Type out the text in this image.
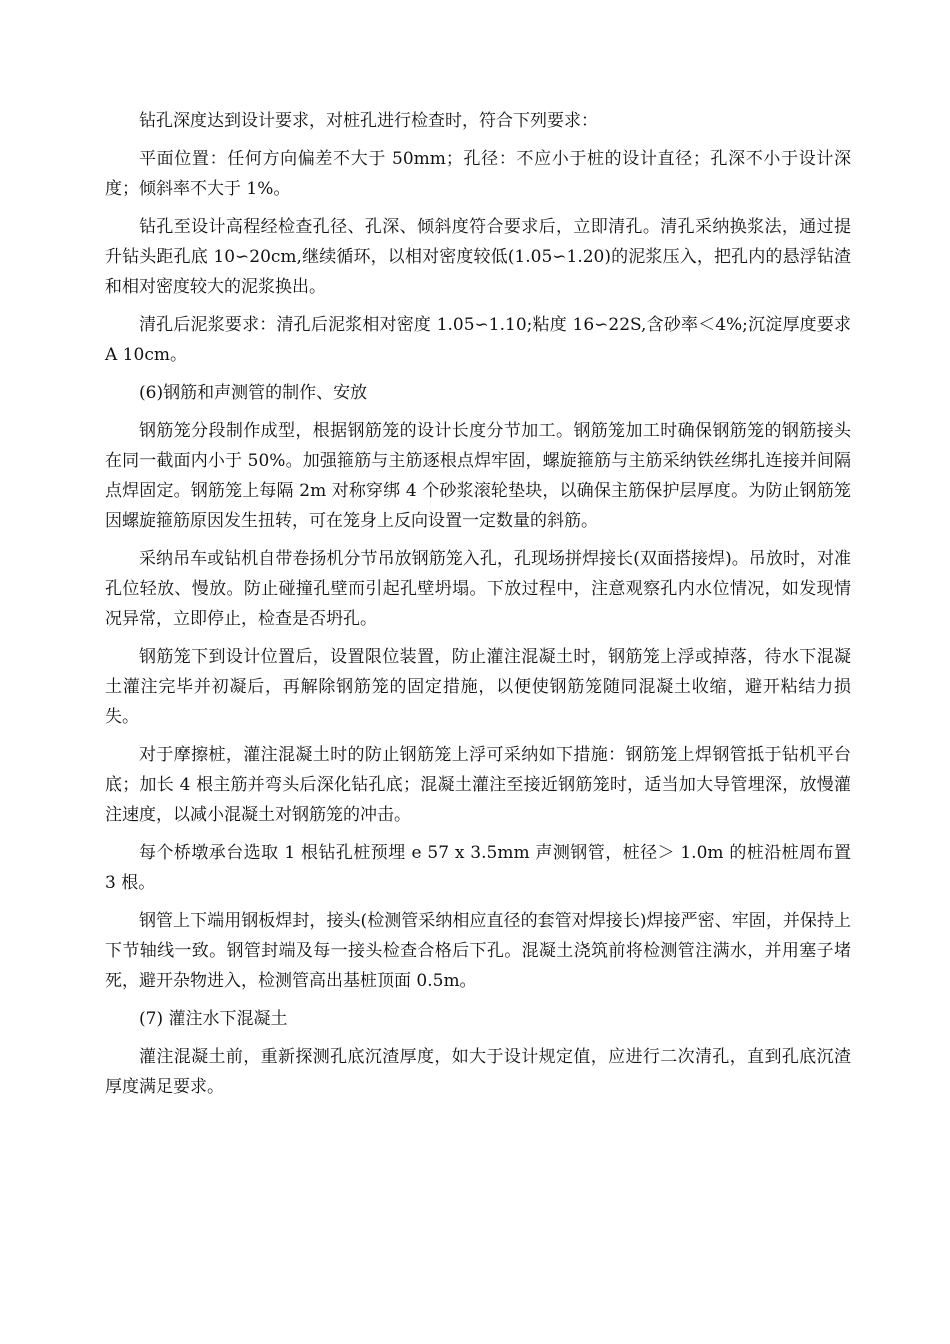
钻孔深度达到设计要求，对桩孔进行检查时，符合下列要求：

平面位置：任何方向偏差不大于 50mm；孔径：不应小于桩的设计直径；孔深不小于设计深度；倾斜率不大于 1%。

钻孔至设计高程经检查孔径、孔深、倾斜度符合要求后，立即清孔。清孔采纳换浆法，通过提升钻头距孔底 10∽20cm,继续循环，以相对密度较低(1.05∽1.20)的泥浆压入，把孔内的悬浮钻渣和相对密度较大的泥浆换出。

清孔后泥浆要求：清孔后泥浆相对密度 1.05∽1.10;粘度 16∽22S,含砂率＜4%;沉淀厚度要求 A 10cm。

(6)钢筋和声测管的制作、安放

钢筋笼分段制作成型，根据钢筋笼的设计长度分节加工。钢筋笼加工时确保钢筋笼的钢筋接头在同一截面内小于 50%。加强箍筋与主筋逐根点焊牢固，螺旋箍筋与主筋采纳铁丝绑扎连接并间隔点焊固定。钢筋笼上每隔 2m 对称穿绑 4 个砂浆滚轮垫块，以确保主筋保护层厚度。为防止钢筋笼因螺旋箍筋原因发生扭转，可在笼身上反向设置一定数量的斜筋。

采纳吊车或钻机自带卷扬机分节吊放钢筋笼入孔，孔现场拼焊接长(双面搭接焊)。吊放时，对准孔位轻放、慢放。防止碰撞孔壁而引起孔壁坍塌。下放过程中，注意观察孔内水位情况，如发现情况异常，立即停止，检查是否坍孔。

钢筋笼下到设计位置后，设置限位装置，防止灌注混凝土时，钢筋笼上浮或掉落，待水下混凝土灌注完毕并初凝后，再解除钢筋笼的固定措施，以便使钢筋笼随同混凝土收缩，避开粘结力损失。

对于摩擦桩，灌注混凝土时的防止钢筋笼上浮可采纳如下措施：钢筋笼上焊钢管抵于钻机平台底；加长 4 根主筋并弯头后深化钻孔底；混凝土灌注至接近钢筋笼时，适当加大导管埋深，放慢灌注速度，以减小混凝土对钢筋笼的冲击。

每个桥墩承台选取 1 根钻孔桩预埋 e 57 x 3.5mm 声测钢管，桩径＞ 1.0m 的桩沿桩周布置 3 根。

钢管上下端用钢板焊封，接头(检测管采纳相应直径的套管对焊接长)焊接严密、牢固，并保持上下节轴线一致。钢管封端及每一接头检查合格后下孔。混凝土浇筑前将检测管注满水，并用塞子堵死，避开杂物进入，检测管高出基桩顶面 0.5m。

(7) 灌注水下混凝土

灌注混凝土前，重新探测孔底沉渣厚度，如大于设计规定值，应进行二次清孔，直到孔底沉渣厚度满足要求。
